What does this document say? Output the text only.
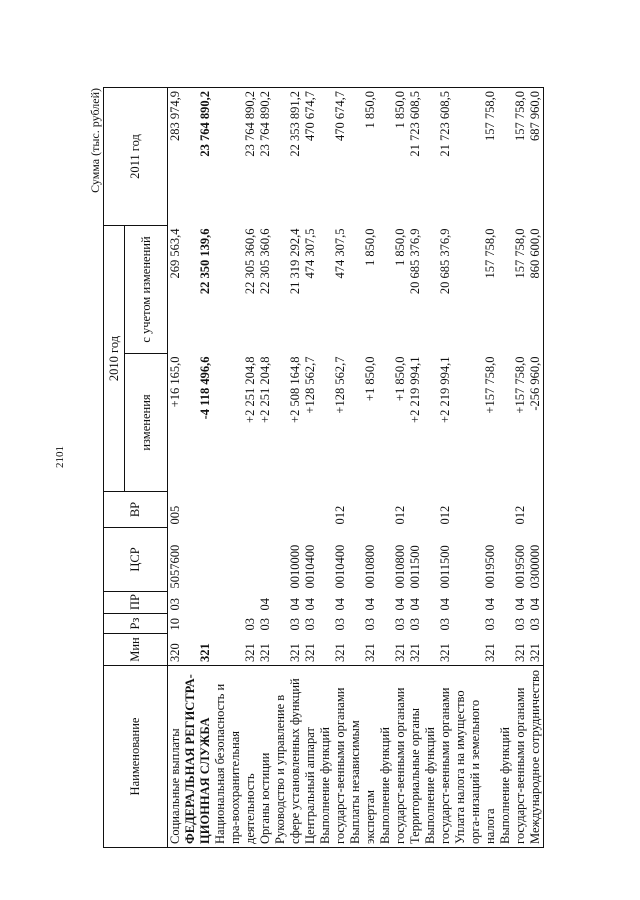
2101
Сумма (тыс. рублей)
Наименование	Мин	Рз	ПР	ЦСР	ВР	2010 год		2011 год
						изменения	с учетом изменений	
Социальные выплаты	320	10	03	5057600	005	+16 165,0	269 563,4	283 974,9
ФЕДЕРАЛЬНАЯ РЕГИСТРА-ЦИОННАЯ СЛУЖБА	321					-4 118 496,6	22 350 139,6	23 764 890,2
Национальная безопасность и пра-воохранительная деятельность	321	03				+2 251 204,8	22 305 360,6	23 764 890,2
Органы юстиции	321	03	04			+2 251 204,8	22 305 360,6	23 764 890,2
Руководство и управление в сфере установленных функций	321	03	04	0010000		+2 508 164,8	21 319 292,4	22 353 891,2
Центральный аппарат	321	03	04	0010400		+128 562,7	474 307,5	470 674,7
Выполнение функций государст-венными органами	321	03	04	0010400	012	+128 562,7	474 307,5	470 674,7
Выплаты независимым экспертам	321	03	04	0010800		+1 850,0	1 850,0	1 850,0
Выполнение функций государст-венными органами	321	03	04	0010800	012	+1 850,0	1 850,0	1 850,0
Территориальные органы	321	03	04	0011500		+2 219 994,1	20 685 376,9	21 723 608,5
Выполнение функций государст-венными органами	321	03	04	0011500	012	+2 219 994,1	20 685 376,9	21 723 608,5
Уплата налога на имущество орга-низаций и земельного налога	321	03	04	0019500		+157 758,0	157 758,0	157 758,0
Выполнение функций государст-венными органами	321	03	04	0019500	012	+157 758,0	157 758,0	157 758,0
Международное сотрудничество	321	03	04	0300000		-256 960,0	860 600,0	687 960,0
